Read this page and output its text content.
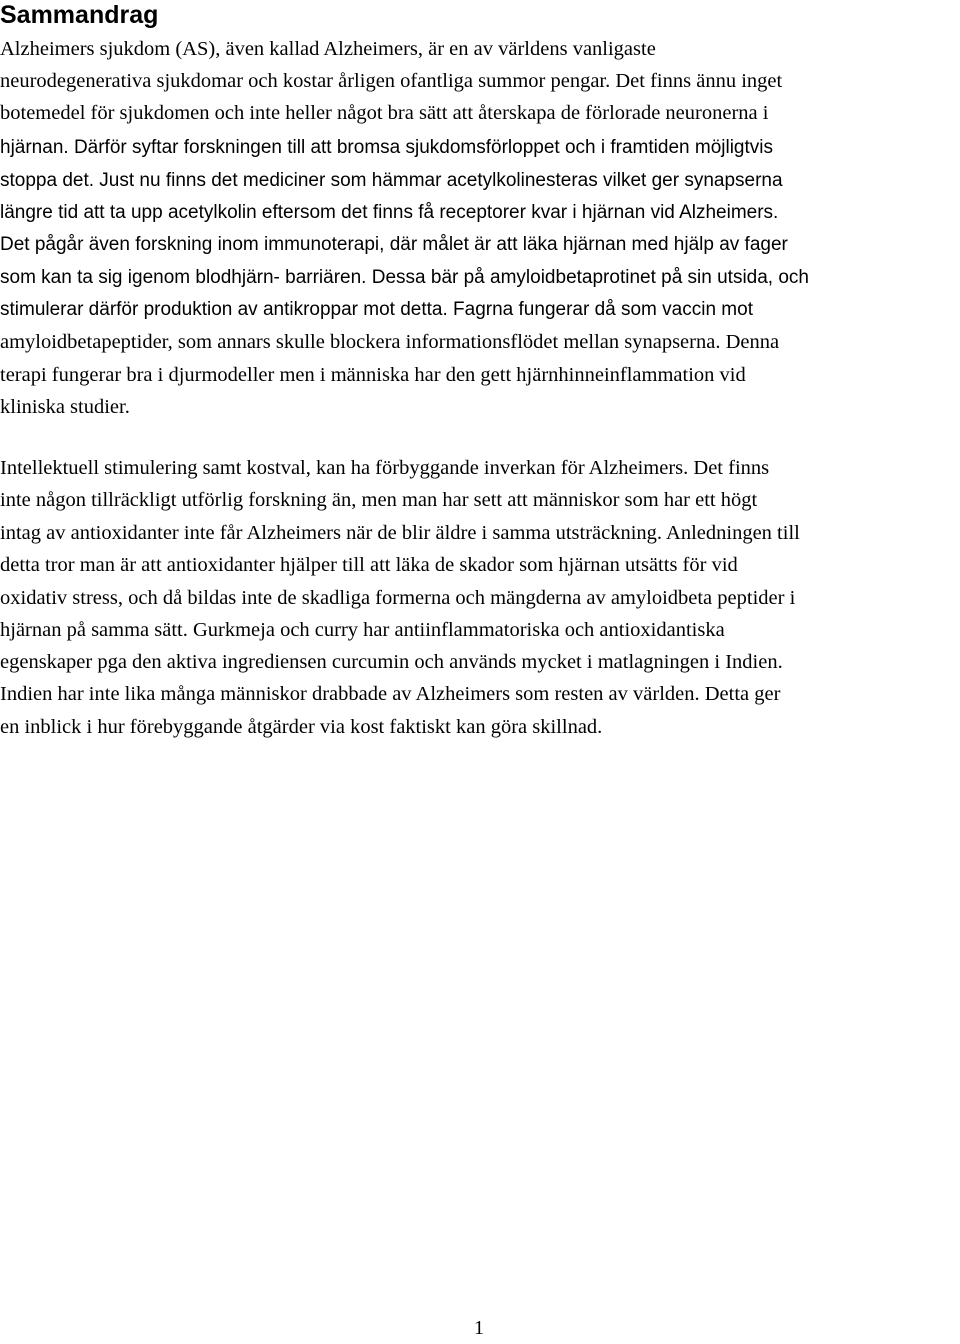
Sammandrag

Alzheimers sjukdom (AS), även kallad Alzheimers, är en av världens vanligaste

neurodegenerativa sjukdomar och kostar årligen ofantliga summor pengar. Det finns ännu inget

botemedel för sjukdomen och inte heller något bra sätt att återskapa de förlorade neuronerna i

hjärnan. Därför syftar forskningen till att bromsa sjukdomsförloppet och i framtiden möjligtvis

stoppa det. Just nu finns det mediciner som hämmar acetylkolinesteras vilket ger synapserna

längre tid att ta upp acetylkolin eftersom det finns få receptorer kvar i hjärnan vid Alzheimers.

Det pågår även forskning inom immunoterapi, där målet är att läka hjärnan med hjälp av fager

som kan ta sig igenom blodhjärn- barriären. Dessa bär på amyloidbetaprotinet på sin utsida, och

stimulerar därför produktion av antikroppar mot detta. Fagrna fungerar då som vaccin mot

amyloidbetapeptider, som annars skulle blockera informationsflödet mellan synapserna. Denna

terapi fungerar bra i djurmodeller men i människa har den gett hjärnhinneinflammation vid

kliniska studier.

Intellektuell stimulering samt kostval, kan ha förbyggande inverkan för Alzheimers. Det finns

inte någon tillräckligt utförlig forskning än, men man har sett att människor som har ett högt

intag av antioxidanter inte får Alzheimers när de blir äldre i samma utsträckning. Anledningen till

detta tror man är att antioxidanter hjälper till att läka de skador som hjärnan utsätts för vid

oxidativ stress, och då bildas inte de skadliga formerna och mängderna av amyloidbeta peptider i

hjärnan på samma sätt. Gurkmeja och curry har antiinflammatoriska och antioxidantiska

egenskaper pga den aktiva ingrediensen curcumin och används mycket i matlagningen i Indien.

Indien har inte lika många människor drabbade av Alzheimers som resten av världen. Detta ger

en inblick i hur förebyggande åtgärder via kost faktiskt kan göra skillnad.

1
